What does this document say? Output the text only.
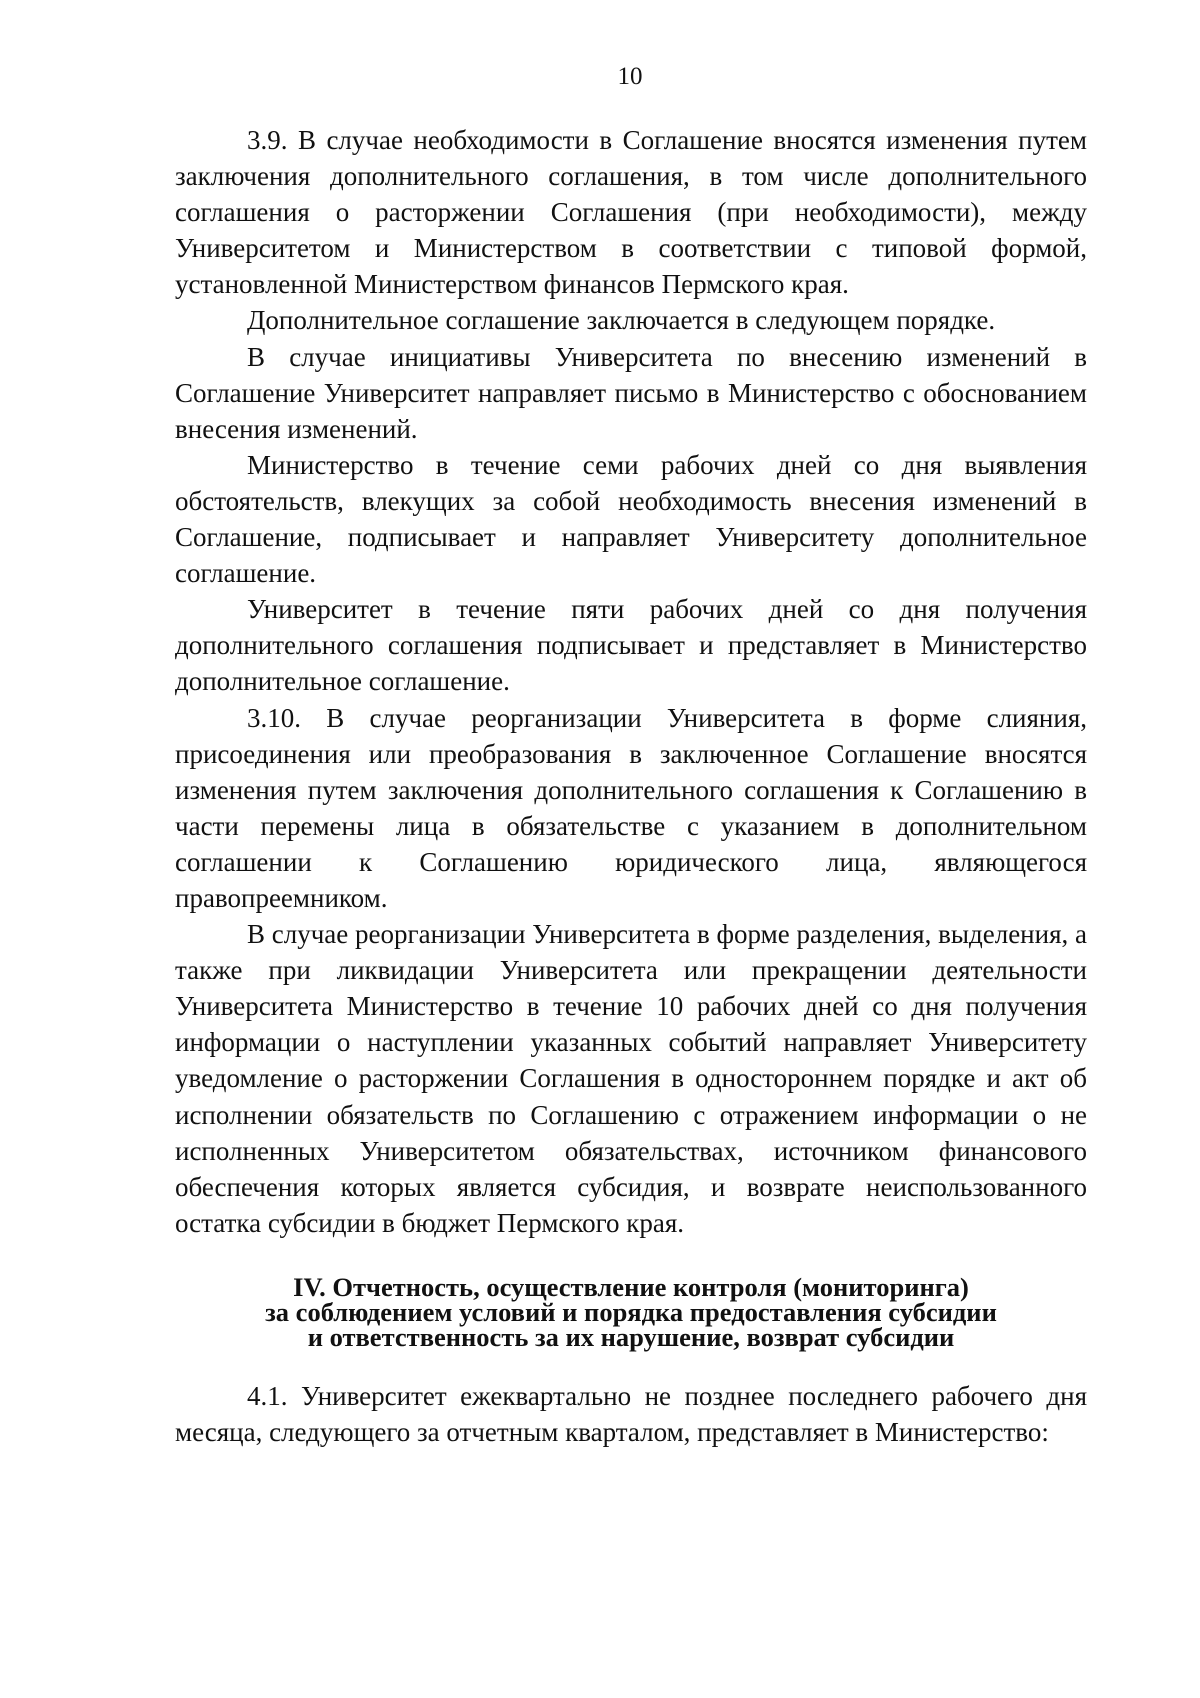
10

3.9. В случае необходимости в Соглашение вносятся изменения путем заключения дополнительного соглашения, в том числе дополнительного соглашения о расторжении Соглашения (при необходимости), между Университетом и Министерством в соответствии с типовой формой, установленной Министерством финансов Пермского края.

Дополнительное соглашение заключается в следующем порядке.

В случае инициативы Университета по внесению изменений в Соглашение Университет направляет письмо в Министерство с обоснованием внесения изменений.

Министерство в течение семи рабочих дней со дня выявления обстоятельств, влекущих за собой необходимость внесения изменений в Соглашение, подписывает и направляет Университету дополнительное соглашение.

Университет в течение пяти рабочих дней со дня получения дополнительного соглашения подписывает и представляет в Министерство дополнительное соглашение.

3.10. В случае реорганизации Университета в форме слияния, присоединения или преобразования в заключенное Соглашение вносятся изменения путем заключения дополнительного соглашения к Соглашению в части перемены лица в обязательстве с указанием в дополнительном соглашении к Соглашению юридического лица, являющегося правопреемником.

В случае реорганизации Университета в форме разделения, выделения, а также при ликвидации Университета или прекращении деятельности Университета Министерство в течение 10 рабочих дней со дня получения информации о наступлении указанных событий направляет Университету уведомление о расторжении Соглашения в одностороннем порядке и акт об исполнении обязательств по Соглашению с отражением информации о не исполненных Университетом обязательствах, источником финансового обеспечения которых является субсидия, и возврате неиспользованного остатка субсидии в бюджет Пермского края.

IV. Отчетность, осуществление контроля (мониторинга)
за соблюдением условий и порядка предоставления субсидии
и ответственность за их нарушение, возврат субсидии

4.1. Университет ежеквартально не позднее последнего рабочего дня месяца, следующего за отчетным кварталом, представляет в Министерство:
